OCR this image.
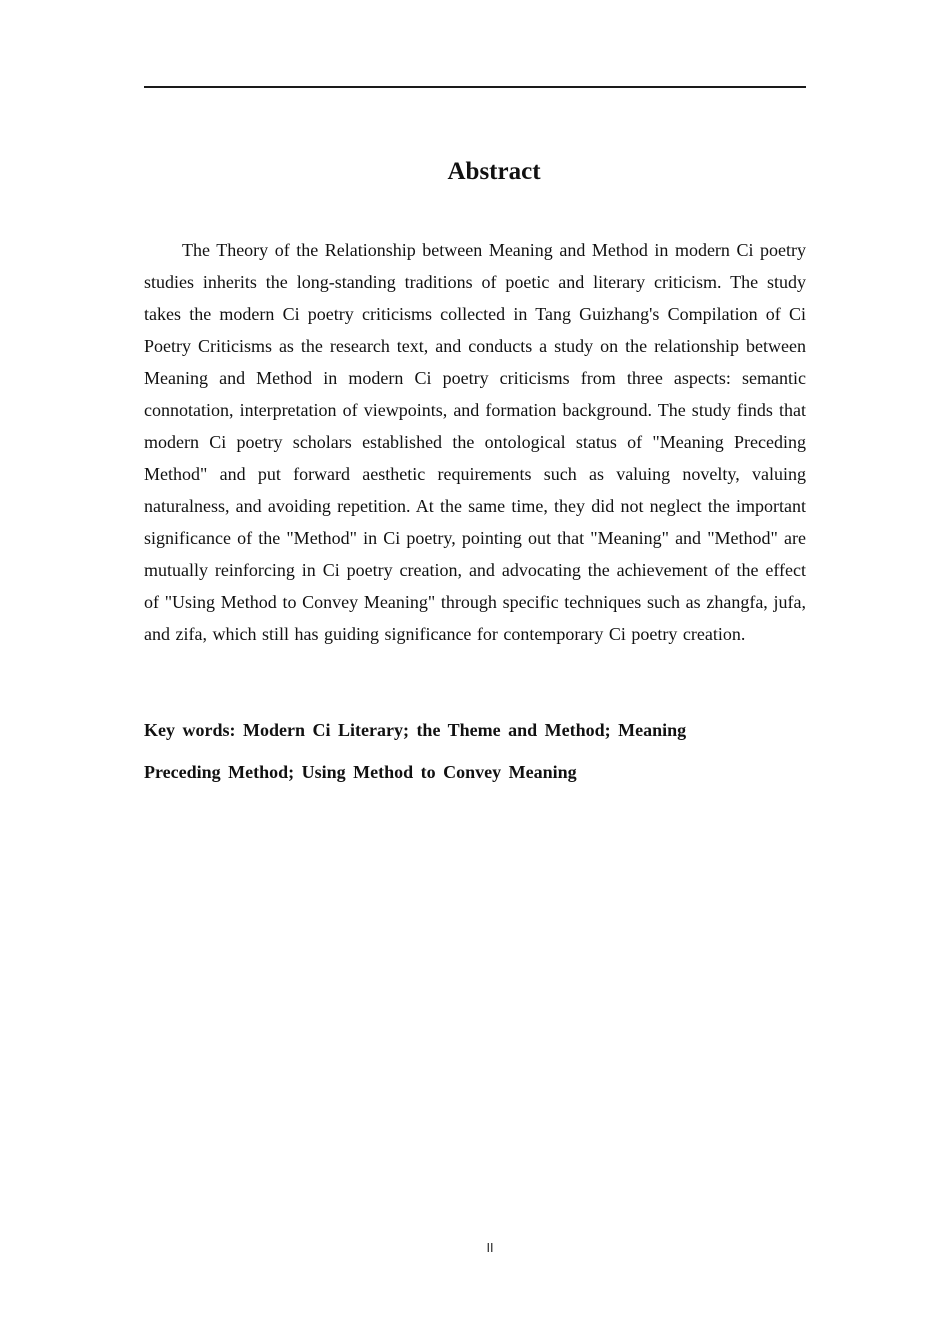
Abstract

The Theory of the Relationship between Meaning and Method in modern Ci poetry studies inherits the long-standing traditions of poetic and literary criticism. The study takes the modern Ci poetry criticisms collected in Tang Guizhang's Compilation of Ci Poetry Criticisms as the research text, and conducts a study on the relationship between Meaning and Method in modern Ci poetry criticisms from three aspects: semantic connotation, interpretation of viewpoints, and formation background. The study finds that modern Ci poetry scholars established the ontological status of "Meaning Preceding Method" and put forward aesthetic requirements such as valuing novelty, valuing naturalness, and avoiding repetition. At the same time, they did not neglect the important significance of the "Method" in Ci poetry, pointing out that "Meaning" and "Method" are mutually reinforcing in Ci poetry creation, and advocating the achievement of the effect of "Using Method to Convey Meaning" through specific techniques such as zhangfa, jufa, and zifa, which still has guiding significance for contemporary Ci poetry creation.

Key words: Modern Ci Literary; the Theme and Method; Meaning Preceding Method; Using Method to Convey Meaning

II
